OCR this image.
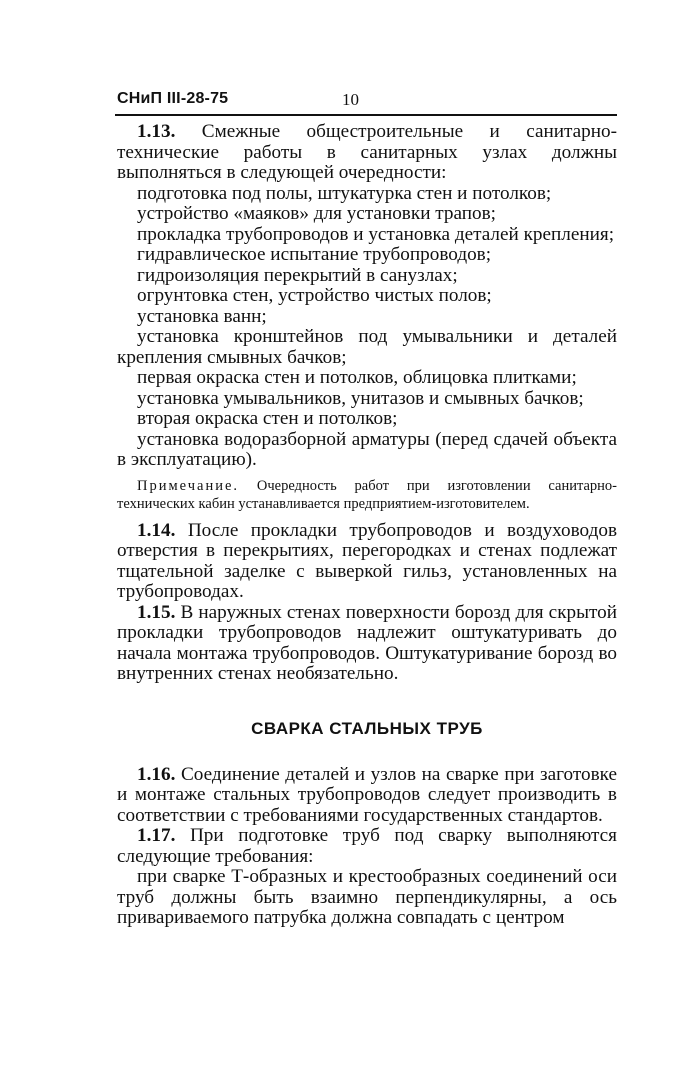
СНиП III-28-75	10

1.13. Смежные общестроительные и санитарно-технические работы в санитарных узлах должны выполняться в следующей очередности:

подготовка под полы, штукатурка стен и потолков;

устройство «маяков» для установки трапов;

прокладка трубопроводов и установка деталей крепления;

гидравлическое испытание трубопроводов;

гидроизоляция перекрытий в санузлах;

огрунтовка стен, устройство чистых полов;

установка ванн;

установка кронштейнов под умывальники и деталей крепления смывных бачков;

первая окраска стен и потолков, облицовка плитками;

установка умывальников, унитазов и смывных бачков;

вторая окраска стен и потолков;

установка водоразборной арматуры (перед сдачей объекта в эксплуатацию).

Примечание. Очередность работ при изготовлении санитарно-технических кабин устанавливается предприятием-изготовителем.

1.14. После прокладки трубопроводов и воздуховодов отверстия в перекрытиях, перегородках и стенах подлежат тщательной заделке с выверкой гильз, установленных на трубопроводах.

1.15. В наружных стенах поверхности борозд для скрытой прокладки трубопроводов надлежит оштукатуривать до начала монтажа трубопроводов. Оштукатуривание борозд во внутренних стенах необязательно.

СВАРКА СТАЛЬНЫХ ТРУБ

1.16. Соединение деталей и узлов на сварке при заготовке и монтаже стальных трубопроводов следует производить в соответствии с требованиями государственных стандартов.

1.17. При подготовке труб под сварку выполняются следующие требования:

при сварке Т-образных и крестообразных соединений оси труб должны быть взаимно перпендикулярны, а ось привариваемого патрубка должна совпадать с центром
